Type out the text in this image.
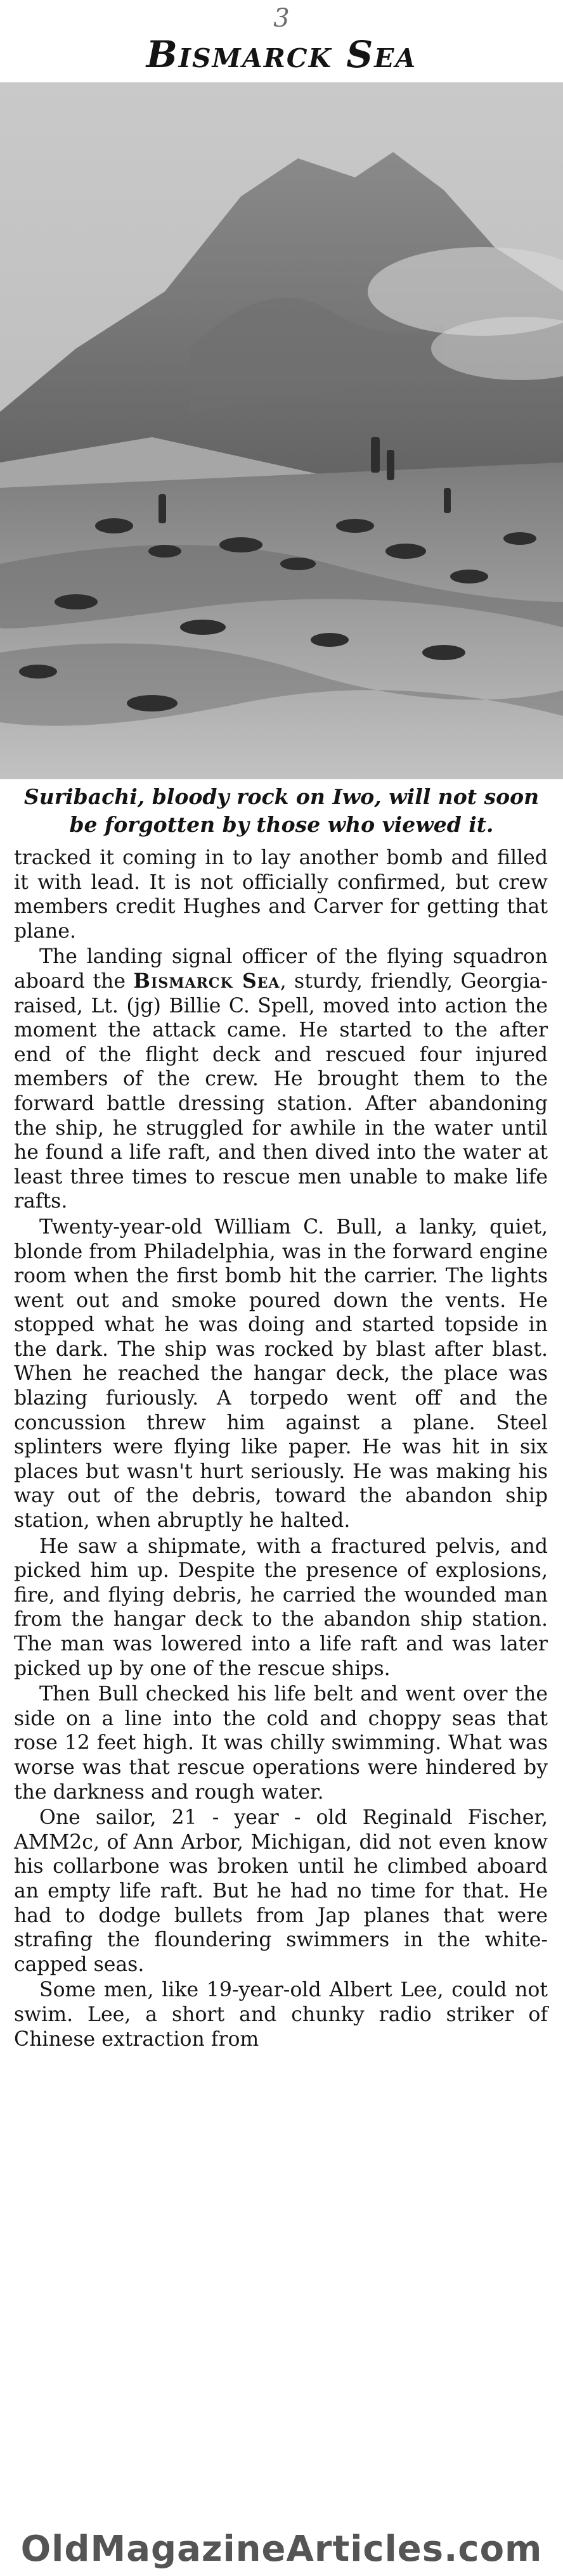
3
Bismarck Sea
Suribachi, bloody rock on Iwo, will not soon be forgotten by those who viewed it.

tracked it coming in to lay another bomb and filled it with lead. It is not officially confirmed, but crew members credit Hughes and Carver for getting that plane.

The landing signal officer of the flying squadron aboard the Bismarck Sea, sturdy, friendly, Georgia-raised, Lt. (jg) Billie C. Spell, moved into action the moment the attack came. He started to the after end of the flight deck and rescued four injured members of the crew. He brought them to the forward battle dressing station. After abandoning the ship, he struggled for awhile in the water until he found a life raft, and then dived into the water at least three times to rescue men unable to make life rafts.

Twenty-year-old William C. Bull, a lanky, quiet, blonde from Philadelphia, was in the forward engine room when the first bomb hit the carrier. The lights went out and smoke poured down the vents. He stopped what he was doing and started topside in the dark. The ship was rocked by blast after blast. When he reached the hangar deck, the place was blazing furiously. A torpedo went off and the concussion threw him against a plane. Steel splinters were flying like paper. He was hit in six places but wasn't hurt seriously. He was making his way out of the debris, toward the abandon ship station, when abruptly he halted.

He saw a shipmate, with a fractured pelvis, and picked him up. Despite the presence of explosions, fire, and flying debris, he carried the wounded man from the hangar deck to the abandon ship station. The man was lowered into a life raft and was later picked up by one of the rescue ships.

Then Bull checked his life belt and went over the side on a line into the cold and choppy seas that rose 12 feet high. It was chilly swimming. What was worse was that rescue operations were hindered by the darkness and rough water.

One sailor, 21 - year - old Reginald Fischer, AMM2c, of Ann Arbor, Michigan, did not even know his collarbone was broken until he climbed aboard an empty life raft. But he had no time for that. He had to dodge bullets from Jap planes that were strafing the floundering swimmers in the white-capped seas.

Some men, like 19-year-old Albert Lee, could not swim. Lee, a short and chunky radio striker of Chinese extraction from

OldMagazineArticles.com
